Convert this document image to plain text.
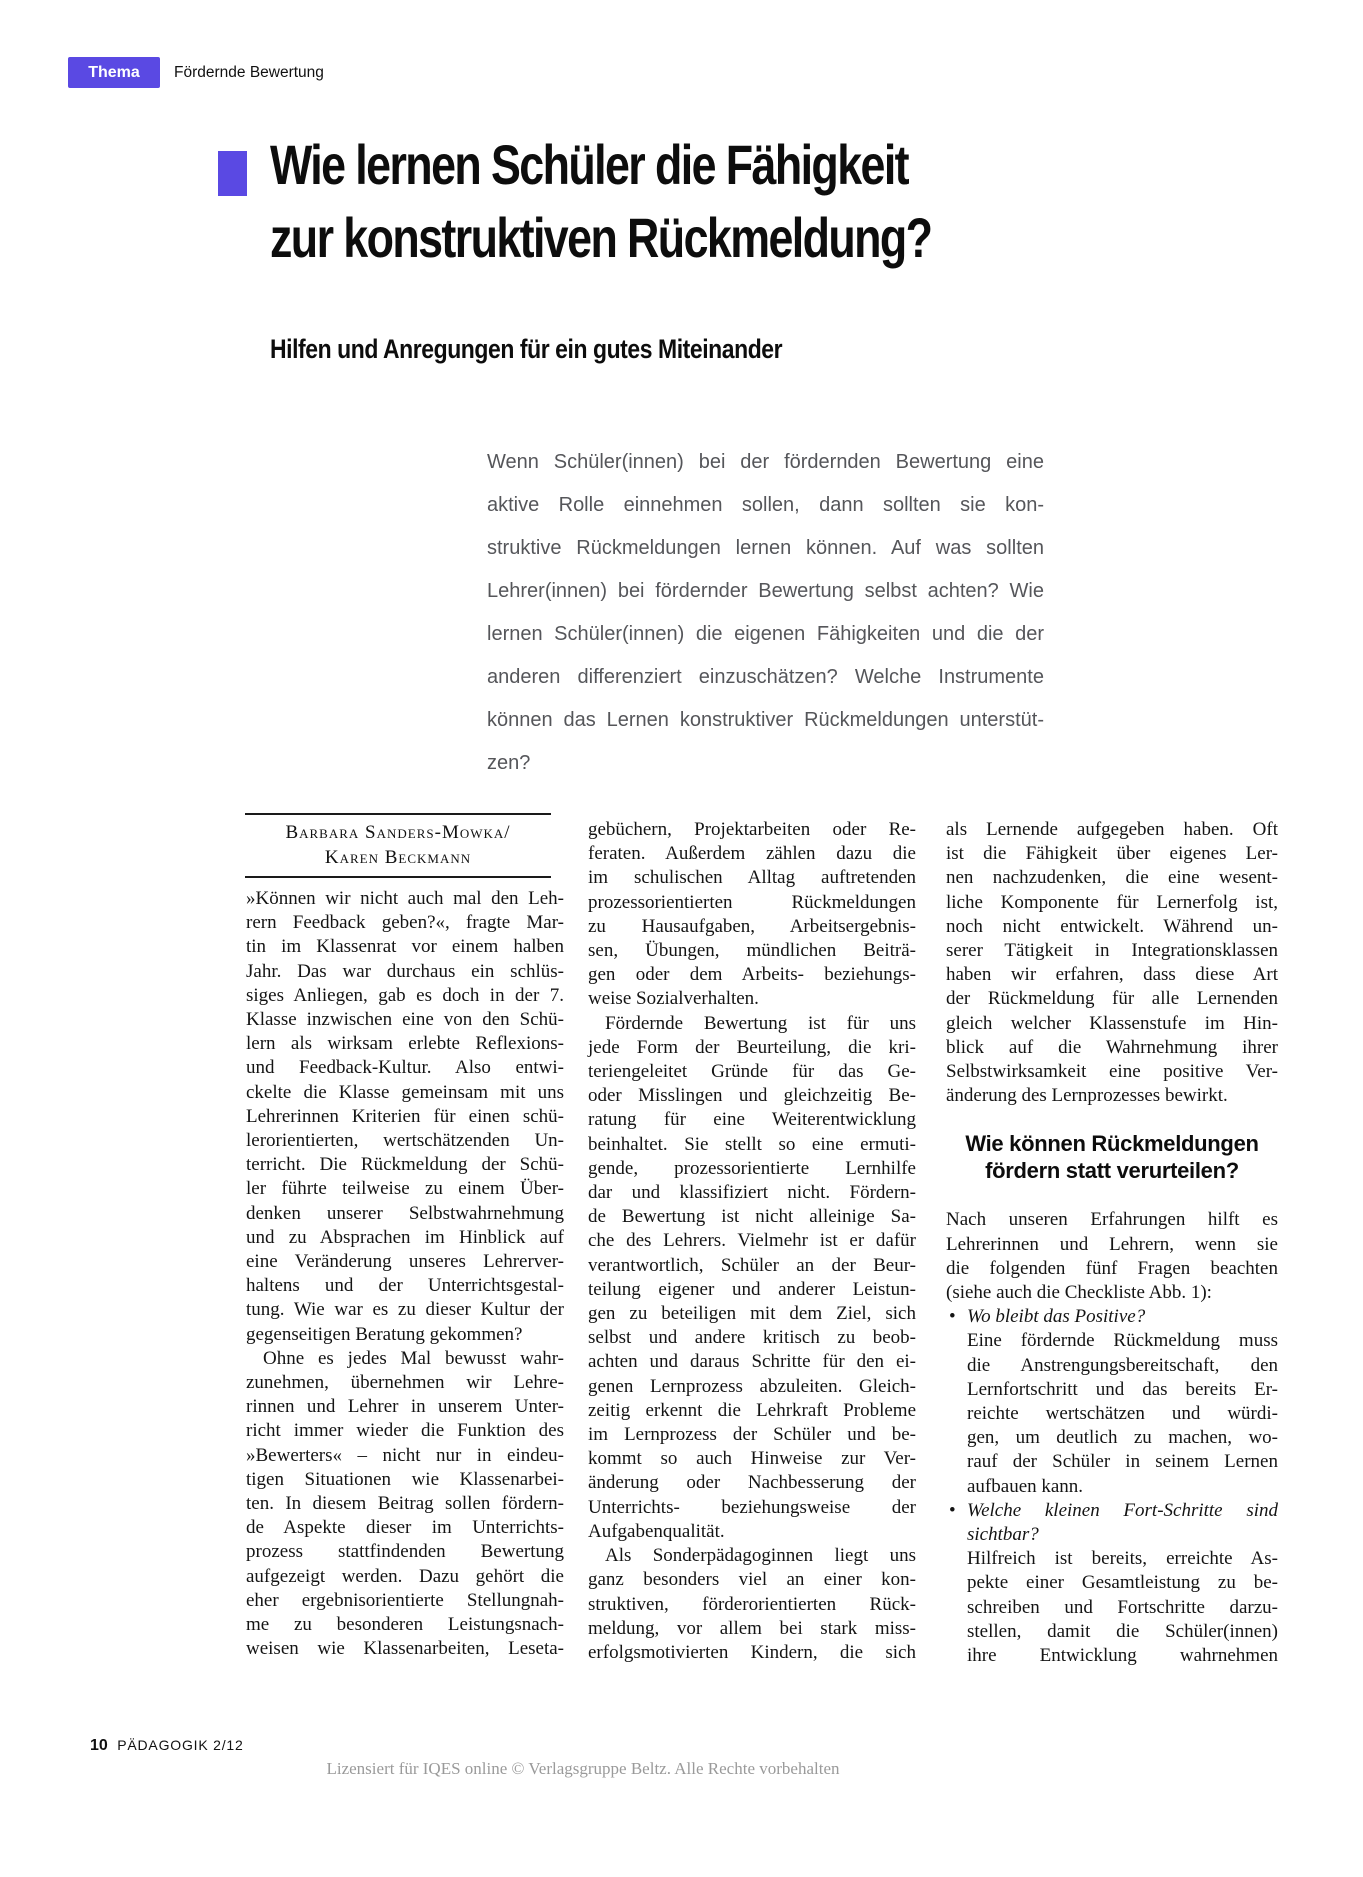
Thema	Fördernde Bewertung
Wie lernen Schüler die Fähigkeit
zur konstruktiven Rückmeldung?
Hilfen und Anregungen für ein gutes Miteinander
Wenn Schüler(innen) bei der fördernden Bewertung eine
aktive Rolle einnehmen sollen, dann sollten sie kon-
struktive Rückmeldungen lernen können. Auf was sollten
Lehrer(innen) bei fördernder Bewertung selbst achten? Wie
lernen Schüler(innen) die eigenen Fähigkeiten und die der
anderen differenziert einzuschätzen? Welche Instrumente
können das Lernen konstruktiver Rückmeldungen unterstüt-
zen?
Barbara Sanders-Mowka/
Karen Beckmann
»Können wir nicht auch mal den Leh-
rern Feedback geben?«, fragte Mar-
tin im Klassenrat vor einem halben
Jahr. Das war durchaus ein schlüs-
siges Anliegen, gab es doch in der 7.
Klasse inzwischen eine von den Schü-
lern als wirksam erlebte Reflexions-
und Feedback-Kultur. Also entwi-
ckelte die Klasse gemeinsam mit uns
Lehrerinnen Kriterien für einen schü-
lerorientierten, wertschätzenden Un-
terricht. Die Rückmeldung der Schü-
ler führte teilweise zu einem Über-
denken unserer Selbstwahrnehmung
und zu Absprachen im Hinblick auf
eine Veränderung unseres Lehrerver-
haltens und der Unterrichtsgestal-
tung. Wie war es zu dieser Kultur der
gegenseitigen Beratung gekommen?
Ohne es jedes Mal bewusst wahr-
zunehmen, übernehmen wir Lehre-
rinnen und Lehrer in unserem Unter-
richt immer wieder die Funktion des
»Bewerters« – nicht nur in eindeu-
tigen Situationen wie Klassenarbei-
ten. In diesem Beitrag sollen fördern-
de Aspekte dieser im Unterrichts-
prozess stattfindenden Bewertung
aufgezeigt werden. Dazu gehört die
eher ergebnisorientierte Stellungnah-
me zu besonderen Leistungsnach-
weisen wie Klassenarbeiten, Leseta-
gebüchern, Projektarbeiten oder Re-
feraten. Außerdem zählen dazu die
im schulischen Alltag auftretenden
prozessorientierten Rückmeldungen
zu Hausaufgaben, Arbeitsergebnis-
sen, Übungen, mündlichen Beiträ-
gen oder dem Arbeits- beziehungs-
weise Sozialverhalten.
Fördernde Bewertung ist für uns
jede Form der Beurteilung, die kri-
teriengeleitet Gründe für das Ge-
oder Misslingen und gleichzeitig Be-
ratung für eine Weiterentwicklung
beinhaltet. Sie stellt so eine ermuti-
gende, prozessorientierte Lernhilfe
dar und klassifiziert nicht. Fördern-
de Bewertung ist nicht alleinige Sa-
che des Lehrers. Vielmehr ist er dafür
verantwortlich, Schüler an der Beur-
teilung eigener und anderer Leistun-
gen zu beteiligen mit dem Ziel, sich
selbst und andere kritisch zu beob-
achten und daraus Schritte für den ei-
genen Lernprozess abzuleiten. Gleich-
zeitig erkennt die Lehrkraft Probleme
im Lernprozess der Schüler und be-
kommt so auch Hinweise zur Ver-
änderung oder Nachbesserung der
Unterrichts- beziehungsweise der
Aufgabenqualität.
Als Sonderpädagoginnen liegt uns
ganz besonders viel an einer kon-
struktiven, förderorientierten Rück-
meldung, vor allem bei stark miss-
erfolgsmotivierten Kindern, die sich
als Lernende aufgegeben haben. Oft
ist die Fähigkeit über eigenes Ler-
nen nachzudenken, die eine wesent-
liche Komponente für Lernerfolg ist,
noch nicht entwickelt. Während un-
serer Tätigkeit in Integrationsklassen
haben wir erfahren, dass diese Art
der Rückmeldung für alle Lernenden
gleich welcher Klassenstufe im Hin-
blick auf die Wahrnehmung ihrer
Selbstwirksamkeit eine positive Ver-
änderung des Lernprozesses bewirkt.
Wie können Rückmeldungen
fördern statt verurteilen?
Nach unseren Erfahrungen hilft es
Lehrerinnen und Lehrern, wenn sie
die folgenden fünf Fragen beachten
(siehe auch die Checkliste Abb. 1):
• Wo bleibt das Positive?
Eine fördernde Rückmeldung muss
die Anstrengungsbereitschaft, den
Lernfortschritt und das bereits Er-
reichte wertschätzen und würdi-
gen, um deutlich zu machen, wo-
rauf der Schüler in seinem Lernen
aufbauen kann.
• Welche kleinen Fort-Schritte sind
sichtbar?
Hilfreich ist bereits, erreichte As-
pekte einer Gesamtleistung zu be-
schreiben und Fortschritte darzu-
stellen, damit die Schüler(innen)
ihre Entwicklung wahrnehmen
10 PÄDAGOGIK 2/12
Lizensiert für IQES online © Verlagsgruppe Beltz. Alle Rechte vorbehalten
